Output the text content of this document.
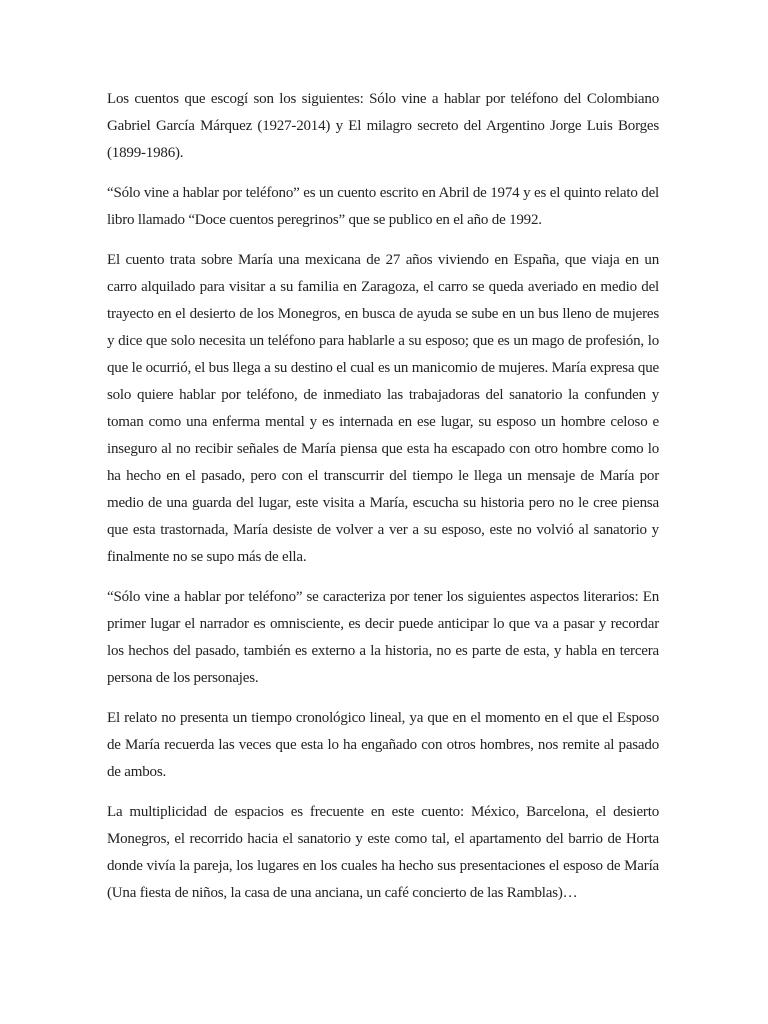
Los cuentos que escogí son los siguientes: Sólo vine a hablar por teléfono del Colombiano Gabriel García Márquez (1927-2014) y El milagro secreto del Argentino Jorge Luis Borges (1899-1986).

“Sólo vine a hablar por teléfono” es un cuento escrito en Abril de 1974 y es el quinto relato del libro llamado “Doce cuentos peregrinos” que se publico en el año de 1992.

El cuento trata sobre María una mexicana de 27 años viviendo en España, que viaja en un carro alquilado para visitar a su familia en Zaragoza, el carro se queda averiado en medio del trayecto en el desierto de los Monegros, en busca de ayuda se sube en un bus lleno de mujeres y dice que solo necesita un teléfono para hablarle a su esposo; que es un mago de profesión, lo que le ocurrió, el bus llega a su destino el cual es un manicomio de mujeres. María expresa que solo quiere hablar por teléfono, de inmediato las trabajadoras del sanatorio la confunden y toman como una enferma mental y es internada en ese lugar, su esposo un hombre celoso e inseguro al no recibir señales de María piensa que esta ha escapado con otro hombre como lo ha hecho en el pasado, pero con el transcurrir del tiempo le llega un mensaje de María por medio de una guarda del lugar, este visita a María, escucha su historia pero no le cree piensa que esta trastornada, María desiste de volver a ver a su esposo, este no volvió al sanatorio y finalmente no se supo más de ella.

“Sólo vine a hablar por teléfono” se caracteriza por tener los siguientes aspectos literarios: En primer lugar el narrador es omnisciente, es decir puede anticipar lo que va a pasar y recordar los hechos del pasado, también es externo a la historia, no es parte de esta, y habla en tercera persona de los personajes.

El relato no presenta un tiempo cronológico lineal, ya que en el momento en el que el Esposo de María recuerda las veces que esta lo ha engañado con otros hombres, nos remite al pasado de ambos.

La multiplicidad de espacios es frecuente en este cuento: México, Barcelona, el desierto Monegros, el recorrido hacia el sanatorio y este como tal, el apartamento del barrio de Horta donde vivía la pareja, los lugares en los cuales ha hecho sus presentaciones el esposo de María (Una fiesta de niños, la casa de una anciana, un café concierto de las Ramblas)…
